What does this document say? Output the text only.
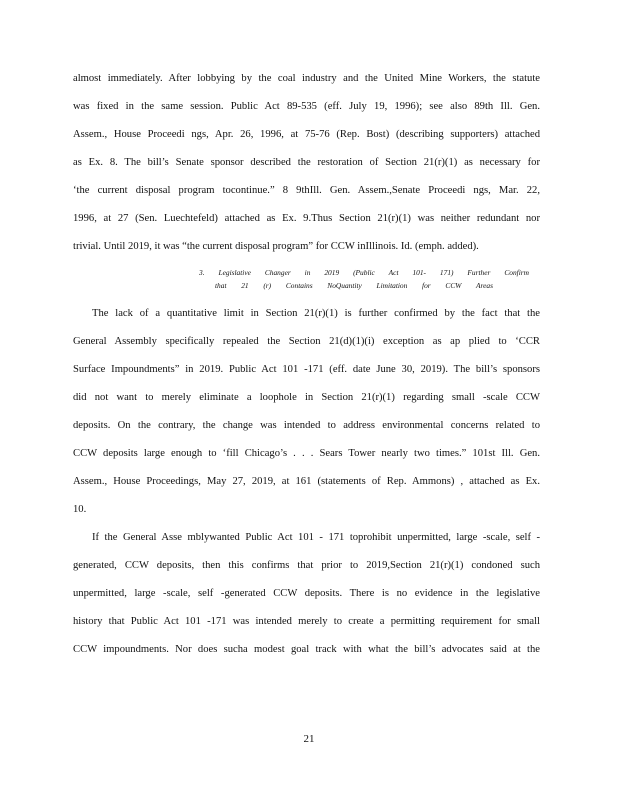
almost immediately. After lobbying by the coal industry and the United Mine Workers, the statute
was fixed in the same session. Public Act 89-535 (eff. July 19, 1996); see also 89th Ill. Gen.
Assem., House Proceedi ngs, Apr. 26, 1996, at 75-76 (Rep. Bost) (describing supporters) attached
as Ex. 8. The bill’s Senate sponsor described the restoration of Section 21(r)(1) as necessary for
‘the current disposal program tocontinue.” 8 9thIll. Gen. Assem.,Senate Proceedi ngs, Mar. 22,
1996, at 27 (Sen. Luechtefeld) attached as Ex. 9.Thus Section 21(r)(1) was neither redundant nor
trivial. Until 2019, it was “the current disposal program” for CCW inIllinois. Id. (emph. added).
3. Legislative Changer in 2019 (Public Act 101- 171) Further Confirm
that 21 (r) Contains NoQuantity Limitation for CCW Areas
The lack of a quantitative limit in Section 21(r)(1) is further confirmed by the fact that the
General Assembly specifically repealed the Section 21(d)(1)(i) exception as ap plied to ‘CCR
Surface Impoundments” in 2019. Public Act 101 -171 (eff. date June 30, 2019). The bill’s sponsors
did not want to merely eliminate a loophole in Section 21(r)(1) regarding small -scale CCW
deposits. On the contrary, the change was intended to address environmental concerns related to
CCW deposits large enough to ‘fill Chicago’s . . . Sears Tower nearly two times.” 101st Ill. Gen.
Assem., House Proceedings, May 27, 2019, at 161 (statements of Rep. Ammons) , attached as Ex.
10.
If the General Asse mblywanted Public Act 101 - 171 toprohibit unpermitted, large -scale, self -
generated, CCW deposits, then this confirms that prior to 2019,Section 21(r)(1) condoned such
unpermitted, large -scale, self -generated CCW deposits. There is no evidence in the legislative
history that Public Act 101 -171 was intended merely to create a permitting requirement for small
CCW impoundments. Nor does sucha modest goal track with what the bill’s advocates said at the
21
